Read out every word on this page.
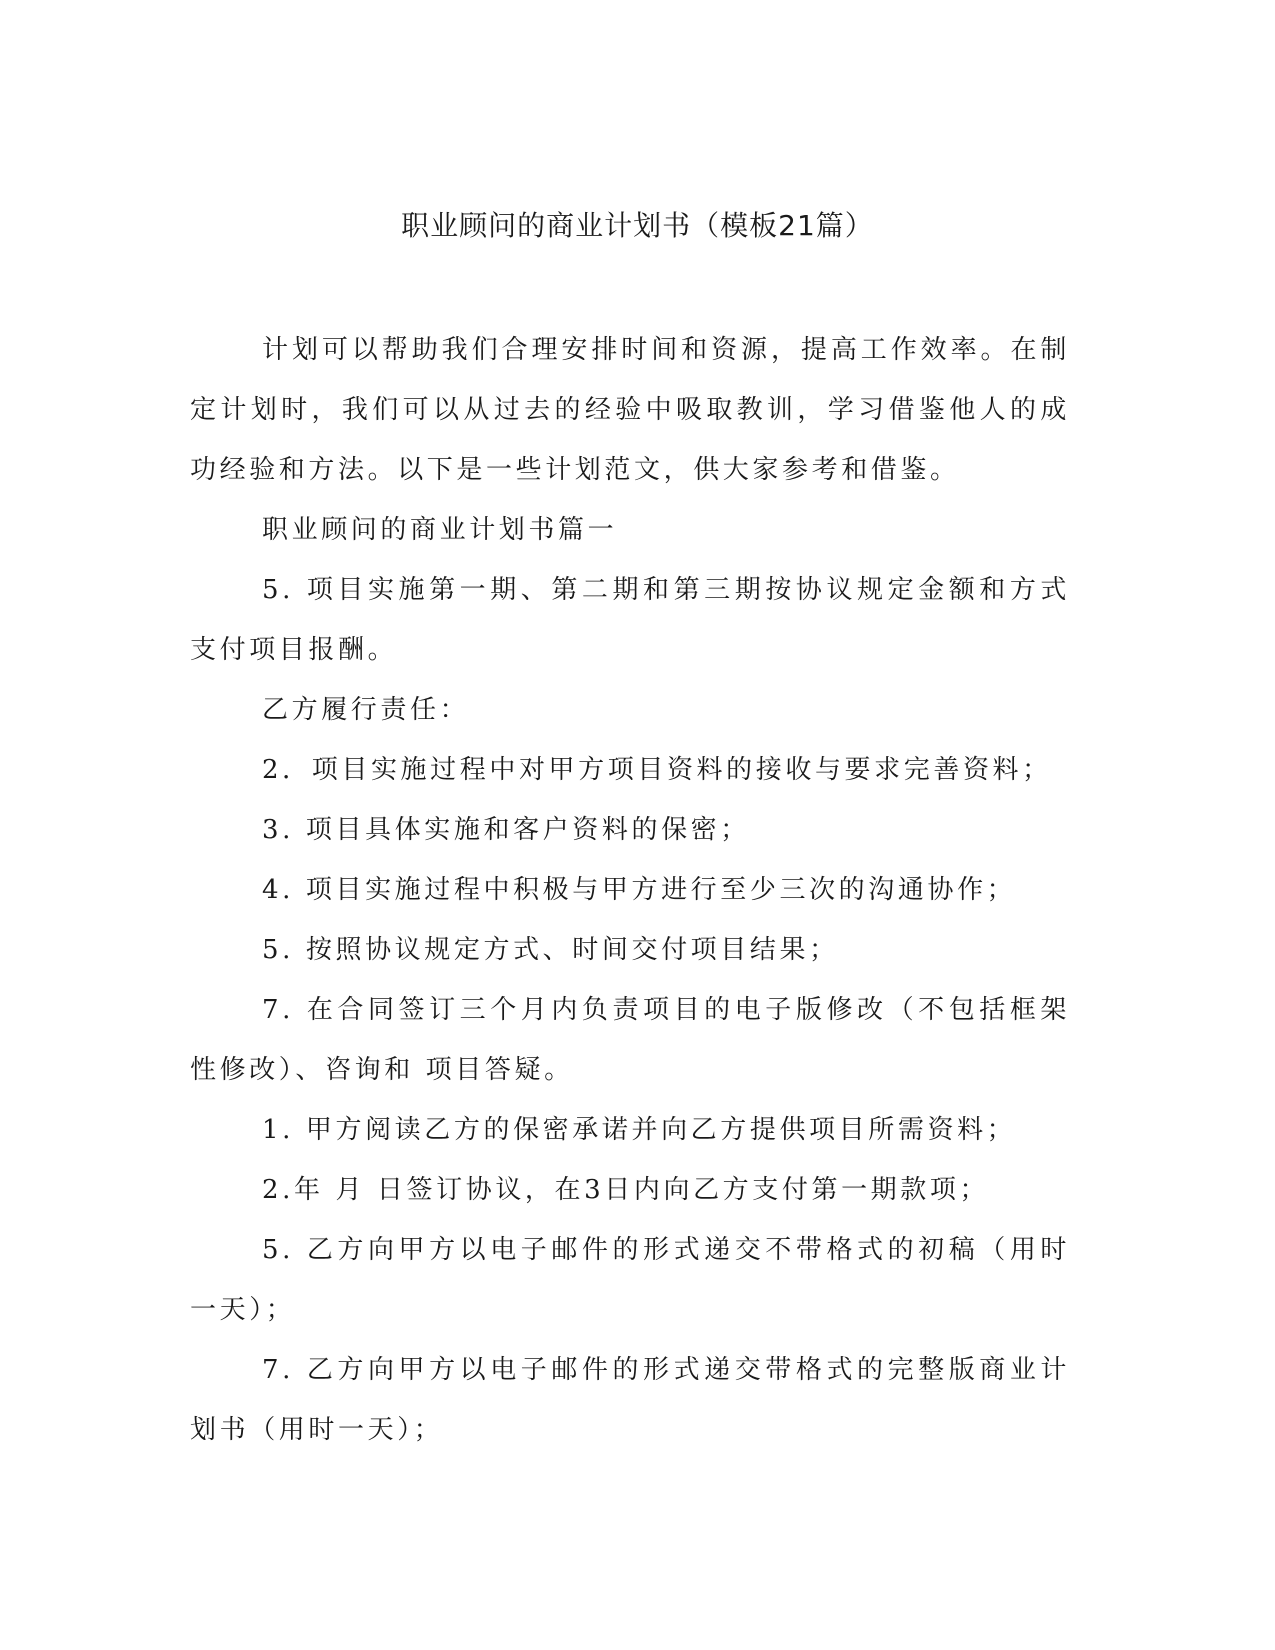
职业顾问的商业计划书（模板21篇）

计划可以帮助我们合理安排时间和资源，提高工作效率。在制定计划时，我们可以从过去的经验中吸取教训，学习借鉴他人的成功经验和方法。以下是一些计划范文，供大家参考和借鉴。

职业顾问的商业计划书篇一

5. 项目实施第一期、第二期和第三期按协议规定金额和方式支付项目报酬。

乙方履行责任：

2．项目实施过程中对甲方项目资料的接收与要求完善资料；

3. 项目具体实施和客户资料的保密；

4. 项目实施过程中积极与甲方进行至少三次的沟通协作；

5. 按照协议规定方式、时间交付项目结果；

7. 在合同签订三个月内负责项目的电子版修改（不包括框架性修改）、咨询和 项目答疑。

1. 甲方阅读乙方的保密承诺并向乙方提供项目所需资料；

2.年 月 日签订协议，在3日内向乙方支付第一期款项；

5. 乙方向甲方以电子邮件的形式递交不带格式的初稿（用时一天）；

7. 乙方向甲方以电子邮件的形式递交带格式的完整版商业计划书（用时一天）；
